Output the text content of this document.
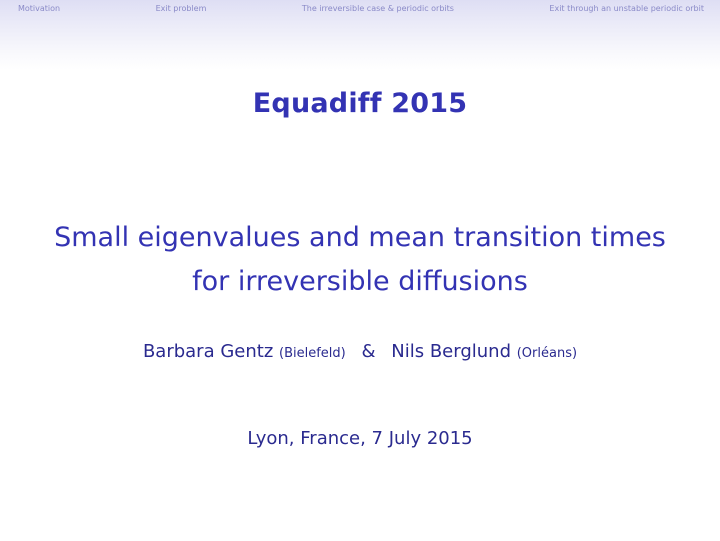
Motivation	Exit problem	The irreversible case & periodic orbits	Exit through an unstable periodic orbit
Equadiff 2015
Small eigenvalues and mean transition times
for irreversible diffusions
Barbara Gentz (Bielefeld) & Nils Berglund (Orléans)
Lyon, France, 7 July 2015
